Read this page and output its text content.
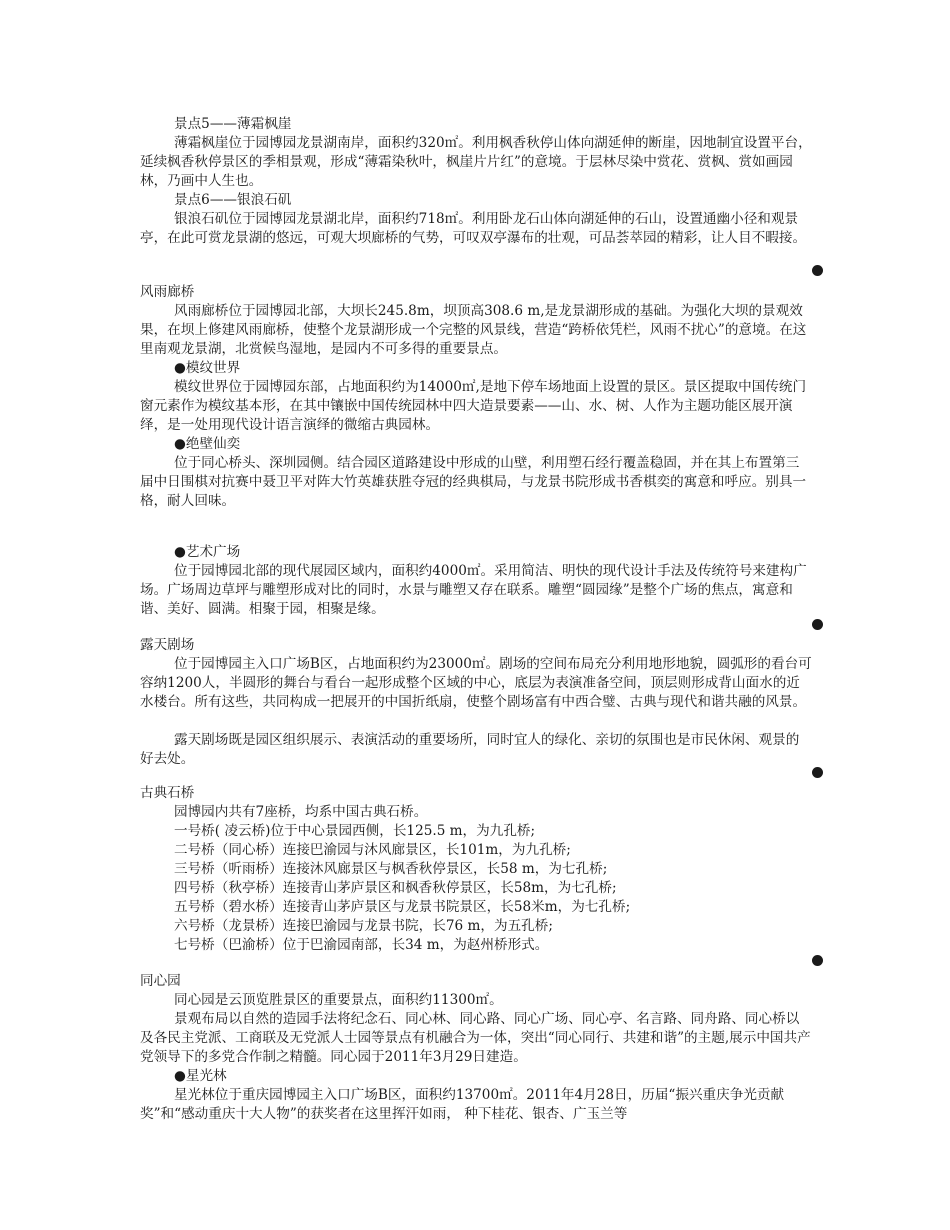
景点5——薄霜枫崖

薄霜枫崖位于园博园龙景湖南岸，面积约320㎡。利用枫香秋停山体向湖延伸的断崖，因地制宜设置平台，延续枫香秋停景区的季相景观，形成“薄霜染秋叶，枫崖片片红”的意境。于层林尽染中赏花、赏枫、赏如画园林，乃画中人生也。

景点6——银浪石矶

银浪石矶位于园博园龙景湖北岸，面积约718㎡。利用卧龙石山体向湖延伸的石山，设置通幽小径和观景亭，在此可赏龙景湖的悠远，可观大坝廊桥的气势，可叹双亭瀑布的壮观，可品荟萃园的精彩，让人目不暇接。

风雨廊桥

风雨廊桥位于园博园北部，大坝长245.8m，坝顶高308.6 m,是龙景湖形成的基础。为强化大坝的景观效果，在坝上修建风雨廊桥，使整个龙景湖形成一个完整的风景线，营造“跨桥依凭栏，风雨不扰心”的意境。在这里南观龙景湖，北赏候鸟湿地，是园内不可多得的重要景点。

●模纹世界

模纹世界位于园博园东部，占地面积约为14000㎡,是地下停车场地面上设置的景区。景区提取中国传统门窗元素作为模纹基本形，在其中镶嵌中国传统园林中四大造景要素——山、水、树、人作为主题功能区展开演绎，是一处用现代设计语言演绎的微缩古典园林。

●绝壁仙奕

位于同心桥头、深圳园侧。结合园区道路建设中形成的山壁，利用塑石经行覆盖稳固，并在其上布置第三届中日围棋对抗赛中聂卫平对阵大竹英雄获胜夺冠的经典棋局，与龙景书院形成书香棋奕的寓意和呼应。别具一格，耐人回味。

●艺术广场

位于园博园北部的现代展园区域内，面积约4000㎡。采用简洁、明快的现代设计手法及传统符号来建构广场。广场周边草坪与雕塑形成对比的同时，水景与雕塑又存在联系。雕塑“圆园缘”是整个广场的焦点，寓意和谐、美好、圆满。相聚于园，相聚是缘。

露天剧场

位于园博园主入口广场B区，占地面积约为23000㎡。剧场的空间布局充分利用地形地貌，圆弧形的看台可容纳1200人，半圆形的舞台与看台一起形成整个区域的中心，底层为表演准备空间，顶层则形成背山面水的近水楼台。所有这些，共同构成一把展开的中国折纸扇，使整个剧场富有中西合璧、古典与现代和谐共融的风景。

露天剧场既是园区组织展示、表演活动的重要场所，同时宜人的绿化、亲切的氛围也是市民休闲、观景的好去处。

古典石桥

园博园内共有7座桥，均系中国古典石桥。

一号桥( 凌云桥)位于中心景园西侧，长125.5 m，为九孔桥;

二号桥（同心桥）连接巴渝园与沐风廊景区，长101m，为九孔桥;

三号桥（听雨桥）连接沐风廊景区与枫香秋停景区，长58 m，为七孔桥;

四号桥（秋亭桥）连接青山茅庐景区和枫香秋停景区，长58m，为七孔桥;

五号桥（碧水桥）连接青山茅庐景区与龙景书院景区，长58米m，为七孔桥;

六号桥（龙景桥）连接巴渝园与龙景书院，长76 m，为五孔桥;

七号桥（巴渝桥）位于巴渝园南部，长34 m，为赵州桥形式。

同心园

同心园是云顶览胜景区的重要景点，面积约11300㎡。

景观布局以自然的造园手法将纪念石、同心林、同心路、同心广场、同心亭、名言路、同舟路、同心桥以及各民主党派、工商联及无党派人士园等景点有机融合为一体，突出“同心同行、共建和谐”的主题,展示中国共产党领导下的多党合作制之精髓。同心园于2011年3月29日建造。

●星光林

星光林位于重庆园博园主入口广场B区，面积约13700㎡。2011年4月28日，历届“振兴重庆争光贡献奖”和“感动重庆十大人物”的获奖者在这里挥汗如雨， 种下桂花、银杏、广玉兰等
